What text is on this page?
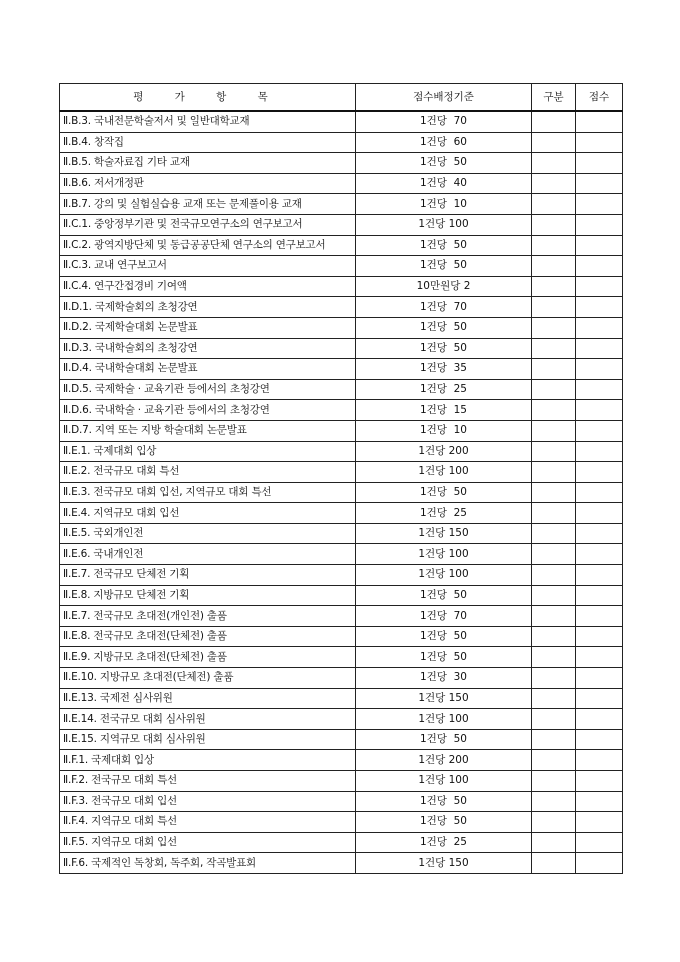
평 가 항 목	점수배정기준	구분	점수
Ⅱ.B.3. 국내전문학술저서 및 일반대학교재	1건당  70		
Ⅱ.B.4. 창작집	1건당  60		
Ⅱ.B.5. 학술자료집 기타 교재	1건당  50		
Ⅱ.B.6. 저서개정판	1건당  40		
Ⅱ.B.7. 강의 및 실험실습용 교재 또는 문제풀이용 교재	1건당  10		
Ⅱ.C.1. 중앙정부기관 및 전국규모연구소의 연구보고서	1건당 100		
Ⅱ.C.2. 광역지방단체 및 동급공공단체 연구소의 연구보고서	1건당  50		
Ⅱ.C.3. 교내 연구보고서	1건당  50		
Ⅱ.C.4. 연구간접경비 기여액	10만원당 2		
Ⅱ.D.1. 국제학술회의 초청강연	1건당  70		
Ⅱ.D.2. 국제학술대회 논문발표	1건당  50		
Ⅱ.D.3. 국내학술회의 초청강연	1건당  50		
Ⅱ.D.4. 국내학술대회 논문발표	1건당  35		
Ⅱ.D.5. 국제학술 · 교육기관 등에서의 초청강연	1건당  25		
Ⅱ.D.6. 국내학술 · 교육기관 등에서의 초청강연	1건당  15		
Ⅱ.D.7. 지역 또는 지방 학술대회 논문발표	1건당  10		
Ⅱ.E.1. 국제대회 입상	1건당 200		
Ⅱ.E.2. 전국규모 대회 특선	1건당 100		
Ⅱ.E.3. 전국규모 대회 입선, 지역규모 대회 특선	1건당  50		
Ⅱ.E.4. 지역규모 대회 입선	1건당  25		
Ⅱ.E.5. 국외개인전	1건당 150		
Ⅱ.E.6. 국내개인전	1건당 100		
Ⅱ.E.7. 전국규모 단체전 기획	1건당 100		
Ⅱ.E.8. 지방규모 단체전 기획	1건당  50		
Ⅱ.E.7. 전국규모 초대전(개인전) 출품	1건당  70		
Ⅱ.E.8. 전국규모 초대전(단체전) 출품	1건당  50		
Ⅱ.E.9. 지방규모 초대전(단체전) 출품	1건당  50		
Ⅱ.E.10. 지방규모 초대전(단체전) 출품	1건당  30		
Ⅱ.E.13. 국제전 심사위원	1건당 150		
Ⅱ.E.14. 전국규모 대회 심사위원	1건당 100		
Ⅱ.E.15. 지역규모 대회 심사위원	1건당  50		
Ⅱ.F.1. 국제대회 입상	1건당 200		
Ⅱ.F.2. 전국규모 대회 특선	1건당 100		
Ⅱ.F.3. 전국규모 대회 입선	1건당  50		
Ⅱ.F.4. 지역규모 대회 특선	1건당  50		
Ⅱ.F.5. 지역규모 대회 입선	1건당  25		
Ⅱ.F.6. 국제적인 독창회, 독주회, 작곡발표회	1건당 150		
